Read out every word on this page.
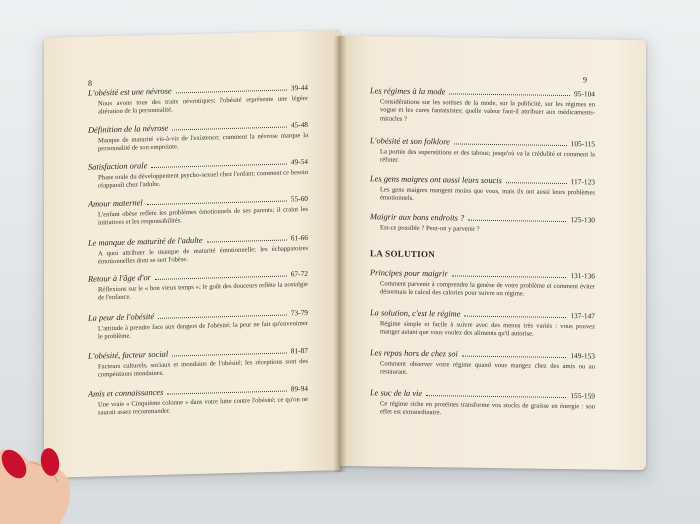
8
L'obésité est une névrose	39-44
Nous avons tous des traits névrotiques; l'obésité représente une légère altération de la personnalité.
Définition de la névrose	45-48
Manque de maturité vis-à-vis de l'existence; comment la névrose marque la personnalité de son empreinte.
Satisfaction orale	49-54
Phase orale du développement psycho-sexuel chez l'enfant; comment ce besoin réapparaît chez l'adulte.
Amour maternel	55-60
L'enfant obèse reflète les problèmes émotionnels de ses parents; il craint les initiatives et les responsabilités.
Le manque de maturité de l'adulte	61-66
A quoi attribuer le manque de maturité émotionnelle; les échappatoires émotionnelles dont se sert l'obèse.
Retour à l'âge d'or	67-72
Réflexions sur le « bon vieux temps »; le goût des douceurs reflète la nostalgie de l'enfance.
La peur de l'obésité	73-79
L'attitude à prendre face aux dangers de l'obésité; la peur ne fait qu'envenimer le problème.
L'obésité, facteur social	81-87
Facteurs culturels, sociaux et mondains de l'obésité; les réceptions sont des compétitions mondaines.
Amis et connaissances	89-94
Une vraie « Cinquième colonne » dans votre lutte contre l'obésité; ce qu'on ne saurait assez recommander.
9
Les régimes à la mode	95-104
Considérations sur les sottises de la mode, sur la publicité, sur les régimes en vogue et les cures fantaisistes; quelle valeur faut-il attribuer aux médicaments-miracles ?
L'obésité et son folklore	105-115
La portée des superstitions et des tabous; jusqu'où va la crédulité et comment la réfuter.
Les gens maigres ont aussi leurs soucis	117-123
Les gens maigres mangent moins que vous, mais ils ont aussi leurs problèmes émotionnels.
Maigrir aux bons endroits ?	125-130
Est-ce possible ? Peut-on y parvenir ?
LA SOLUTION
Principes pour maigrir	131-136
Comment parvenir à comprendre la genèse de votre problème et comment éviter désormais le calcul des calories pour suivre un régime.
La solution, c'est le régime	137-147
Régime simple et facile à suivre avec des menus très variés : vous pouvez manger autant que vous voulez des aliments qu'il autorise.
Les repas hors de chez soi	149-153
Comment observer votre régime quand vous mangez chez des amis ou au restaurant.
Le suc de la vie	155-159
Ce régime riche en protéines transforme vos stocks de graisse en énergie : son effet est extraordinaire.
